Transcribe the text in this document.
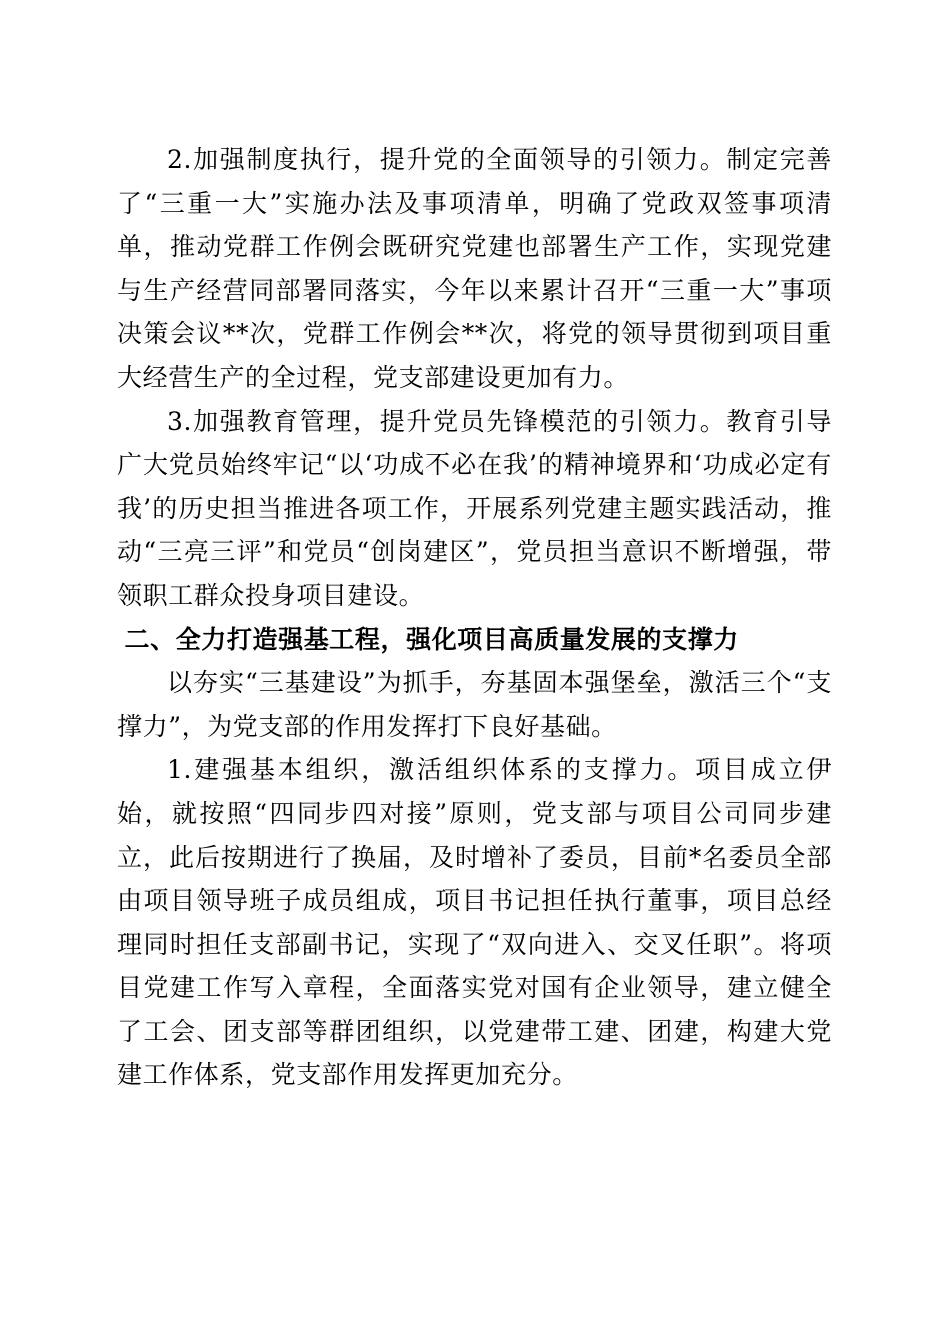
2.加强制度执行，提升党的全面领导的引领力。制定完善了“三重一大”实施办法及事项清单，明确了党政双签事项清单，推动党群工作例会既研究党建也部署生产工作，实现党建与生产经营同部署同落实，今年以来累计召开“三重一大”事项决策会议**次，党群工作例会**次，将党的领导贯彻到项目重大经营生产的全过程，党支部建设更加有力。

3.加强教育管理，提升党员先锋模范的引领力。教育引导广大党员始终牢记“以‘功成不必在我’的精神境界和‘功成必定有我’的历史担当推进各项工作，开展系列党建主题实践活动，推动“三亮三评”和党员“创岗建区”，党员担当意识不断增强，带领职工群众投身项目建设。

二、全力打造强基工程，强化项目高质量发展的支撑力

以夯实“三基建设”为抓手，夯基固本强堡垒，激活三个“支撑力”，为党支部的作用发挥打下良好基础。

1.建强基本组织，激活组织体系的支撑力。项目成立伊始，就按照“四同步四对接”原则，党支部与项目公司同步建立，此后按期进行了换届，及时增补了委员，目前*名委员全部由项目领导班子成员组成，项目书记担任执行董事，项目总经理同时担任支部副书记，实现了“双向进入、交叉任职”。将项目党建工作写入章程，全面落实党对国有企业领导，建立健全了工会、团支部等群团组织，以党建带工建、团建，构建大党建工作体系，党支部作用发挥更加充分。
